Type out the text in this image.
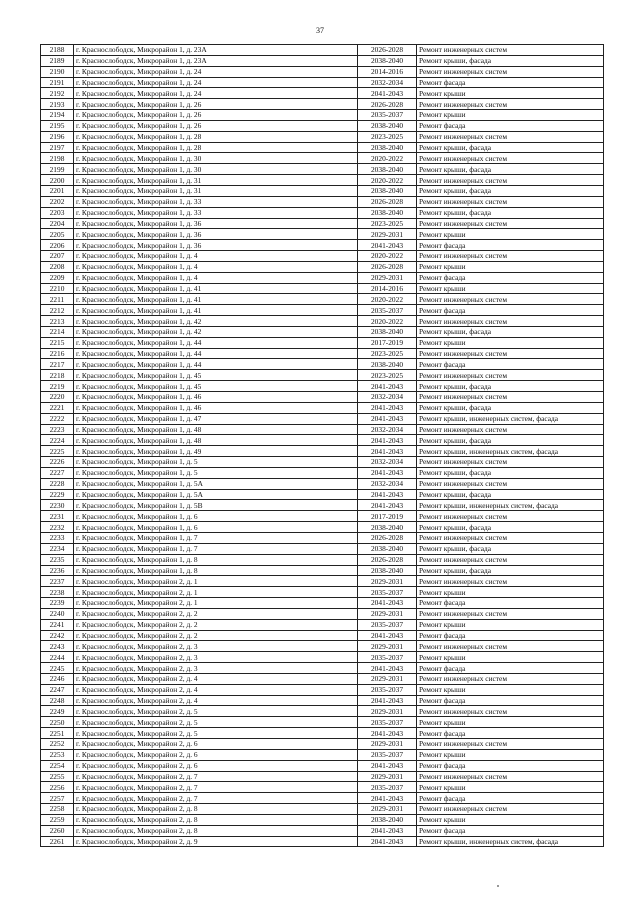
37
2188	г. Краснослободск, Микрорайон 1, д. 23А	2026-2028	Ремонт инженерных систем
2189	г. Краснослободск, Микрорайон 1, д. 23А	2038-2040	Ремонт крыши, фасада
2190	г. Краснослободск, Микрорайон 1, д. 24	2014-2016	Ремонт инженерных систем
2191	г. Краснослободск, Микрорайон 1, д. 24	2032-2034	Ремонт фасада
2192	г. Краснослободск, Микрорайон 1, д. 24	2041-2043	Ремонт крыши
2193	г. Краснослободск, Микрорайон 1, д. 26	2026-2028	Ремонт инженерных систем
2194	г. Краснослободск, Микрорайон 1, д. 26	2035-2037	Ремонт крыши
2195	г. Краснослободск, Микрорайон 1, д. 26	2038-2040	Ремонт фасада
2196	г. Краснослободск, Микрорайон 1, д. 28	2023-2025	Ремонт инженерных систем
2197	г. Краснослободск, Микрорайон 1, д. 28	2038-2040	Ремонт крыши, фасада
2198	г. Краснослободск, Микрорайон 1, д. 30	2020-2022	Ремонт инженерных систем
2199	г. Краснослободск, Микрорайон 1, д. 30	2038-2040	Ремонт крыши, фасада
2200	г. Краснослободск, Микрорайон 1, д. 31	2020-2022	Ремонт инженерных систем
2201	г. Краснослободск, Микрорайон 1, д. 31	2038-2040	Ремонт крыши, фасада
2202	г. Краснослободск, Микрорайон 1, д. 33	2026-2028	Ремонт инженерных систем
2203	г. Краснослободск, Микрорайон 1, д. 33	2038-2040	Ремонт крыши, фасада
2204	г. Краснослободск, Микрорайон 1, д. 36	2023-2025	Ремонт инженерных систем
2205	г. Краснослободск, Микрорайон 1, д. 36	2029-2031	Ремонт крыши
2206	г. Краснослободск, Микрорайон 1, д. 36	2041-2043	Ремонт фасада
2207	г. Краснослободск, Микрорайон 1, д. 4	2020-2022	Ремонт инженерных систем
2208	г. Краснослободск, Микрорайон 1, д. 4	2026-2028	Ремонт крыши
2209	г. Краснослободск, Микрорайон 1, д. 4	2029-2031	Ремонт фасада
2210	г. Краснослободск, Микрорайон 1, д. 41	2014-2016	Ремонт крыши
2211	г. Краснослободск, Микрорайон 1, д. 41	2020-2022	Ремонт инженерных систем
2212	г. Краснослободск, Микрорайон 1, д. 41	2035-2037	Ремонт фасада
2213	г. Краснослободск, Микрорайон 1, д. 42	2020-2022	Ремонт инженерных систем
2214	г. Краснослободск, Микрорайон 1, д. 42	2038-2040	Ремонт крыши, фасада
2215	г. Краснослободск, Микрорайон 1, д. 44	2017-2019	Ремонт крыши
2216	г. Краснослободск, Микрорайон 1, д. 44	2023-2025	Ремонт инженерных систем
2217	г. Краснослободск, Микрорайон 1, д. 44	2038-2040	Ремонт фасада
2218	г. Краснослободск, Микрорайон 1, д. 45	2023-2025	Ремонт инженерных систем
2219	г. Краснослободск, Микрорайон 1, д. 45	2041-2043	Ремонт крыши, фасада
2220	г. Краснослободск, Микрорайон 1, д. 46	2032-2034	Ремонт инженерных систем
2221	г. Краснослободск, Микрорайон 1, д. 46	2041-2043	Ремонт крыши, фасада
2222	г. Краснослободск, Микрорайон 1, д. 47	2041-2043	Ремонт крыши, инженерных систем, фасада
2223	г. Краснослободск, Микрорайон 1, д. 48	2032-2034	Ремонт инженерных систем
2224	г. Краснослободск, Микрорайон 1, д. 48	2041-2043	Ремонт крыши, фасада
2225	г. Краснослободск, Микрорайон 1, д. 49	2041-2043	Ремонт крыши, инженерных систем, фасада
2226	г. Краснослободск, Микрорайон 1, д. 5	2032-2034	Ремонт инженерных систем
2227	г. Краснослободск, Микрорайон 1, д. 5	2041-2043	Ремонт крыши, фасада
2228	г. Краснослободск, Микрорайон 1, д. 5А	2032-2034	Ремонт инженерных систем
2229	г. Краснослободск, Микрорайон 1, д. 5А	2041-2043	Ремонт крыши, фасада
2230	г. Краснослободск, Микрорайон 1, д. 5В	2041-2043	Ремонт крыши, инженерных систем, фасада
2231	г. Краснослободск, Микрорайон 1, д. 6	2017-2019	Ремонт инженерных систем
2232	г. Краснослободск, Микрорайон 1, д. 6	2038-2040	Ремонт крыши, фасада
2233	г. Краснослободск, Микрорайон 1, д. 7	2026-2028	Ремонт инженерных систем
2234	г. Краснослободск, Микрорайон 1, д. 7	2038-2040	Ремонт крыши, фасада
2235	г. Краснослободск, Микрорайон 1, д. 8	2026-2028	Ремонт инженерных систем
2236	г. Краснослободск, Микрорайон 1, д. 8	2038-2040	Ремонт крыши, фасада
2237	г. Краснослободск, Микрорайон 2, д. 1	2029-2031	Ремонт инженерных систем
2238	г. Краснослободск, Микрорайон 2, д. 1	2035-2037	Ремонт крыши
2239	г. Краснослободск, Микрорайон 2, д. 1	2041-2043	Ремонт фасада
2240	г. Краснослободск, Микрорайон 2, д. 2	2029-2031	Ремонт инженерных систем
2241	г. Краснослободск, Микрорайон 2, д. 2	2035-2037	Ремонт крыши
2242	г. Краснослободск, Микрорайон 2, д. 2	2041-2043	Ремонт фасада
2243	г. Краснослободск, Микрорайон 2, д. 3	2029-2031	Ремонт инженерных систем
2244	г. Краснослободск, Микрорайон 2, д. 3	2035-2037	Ремонт крыши
2245	г. Краснослободск, Микрорайон 2, д. 3	2041-2043	Ремонт фасада
2246	г. Краснослободск, Микрорайон 2, д. 4	2029-2031	Ремонт инженерных систем
2247	г. Краснослободск, Микрорайон 2, д. 4	2035-2037	Ремонт крыши
2248	г. Краснослободск, Микрорайон 2, д. 4	2041-2043	Ремонт фасада
2249	г. Краснослободск, Микрорайон 2, д. 5	2029-2031	Ремонт инженерных систем
2250	г. Краснослободск, Микрорайон 2, д. 5	2035-2037	Ремонт крыши
2251	г. Краснослободск, Микрорайон 2, д. 5	2041-2043	Ремонт фасада
2252	г. Краснослободск, Микрорайон 2, д. 6	2029-2031	Ремонт инженерных систем
2253	г. Краснослободск, Микрорайон 2, д. 6	2035-2037	Ремонт крыши
2254	г. Краснослободск, Микрорайон 2, д. 6	2041-2043	Ремонт фасада
2255	г. Краснослободск, Микрорайон 2, д. 7	2029-2031	Ремонт инженерных систем
2256	г. Краснослободск, Микрорайон 2, д. 7	2035-2037	Ремонт крыши
2257	г. Краснослободск, Микрорайон 2, д. 7	2041-2043	Ремонт фасада
2258	г. Краснослободск, Микрорайон 2, д. 8	2029-2031	Ремонт инженерных систем
2259	г. Краснослободск, Микрорайон 2, д. 8	2038-2040	Ремонт крыши
2260	г. Краснослободск, Микрорайон 2, д. 8	2041-2043	Ремонт фасада
2261	г. Краснослободск, Микрорайон 2, д. 9	2041-2043	Ремонт крыши, инженерных систем, фасада
